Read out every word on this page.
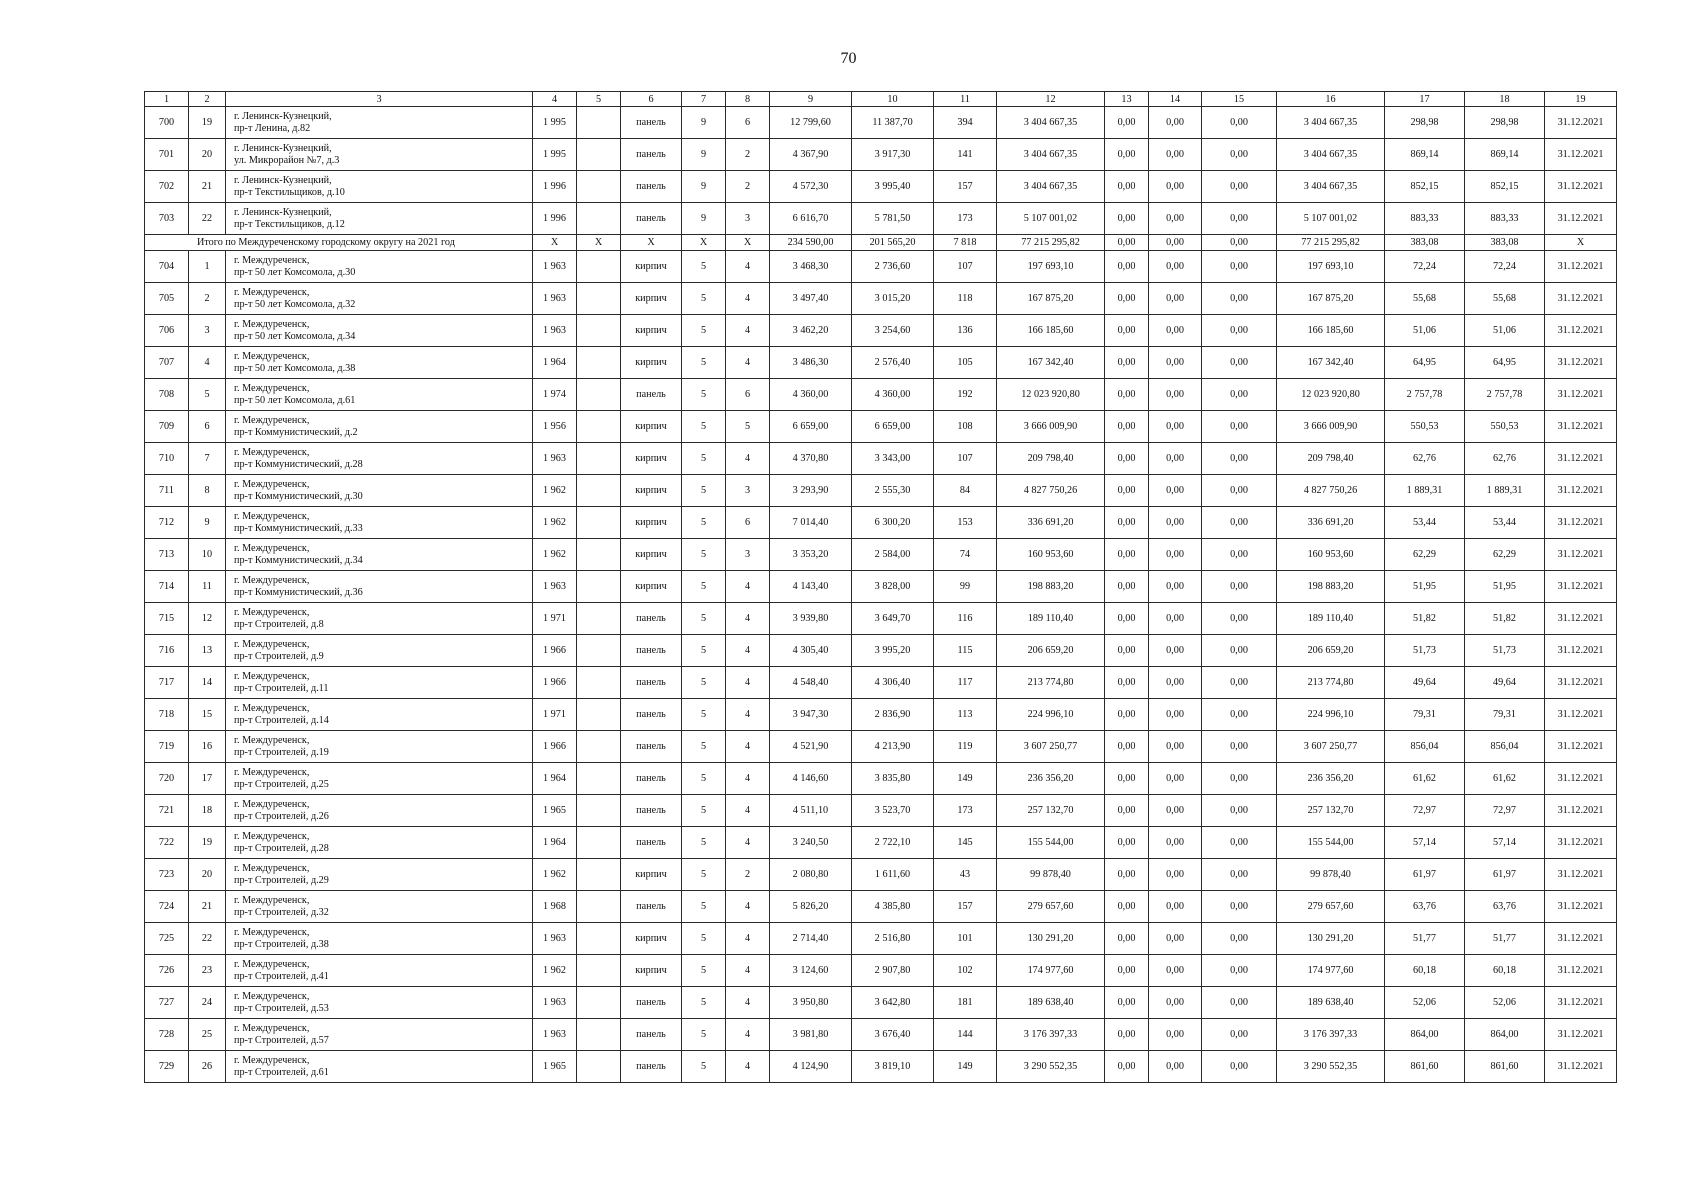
70
1	2	3	4	5	6	7	8	9	10	11	12	13	14	15	16	17	18	19
700	19	г. Ленинск-Кузнецкий,
пр-т Ленина, д.82	1 995		панель	9	6	12 799,60	11 387,70	394	3 404 667,35	0,00	0,00	0,00	3 404 667,35	298,98	298,98	31.12.2021
701	20	г. Ленинск-Кузнецкий,
ул. Микрорайон №7, д.3	1 995		панель	9	2	4 367,90	3 917,30	141	3 404 667,35	0,00	0,00	0,00	3 404 667,35	869,14	869,14	31.12.2021
702	21	г. Ленинск-Кузнецкий,
пр-т Текстильщиков, д.10	1 996		панель	9	2	4 572,30	3 995,40	157	3 404 667,35	0,00	0,00	0,00	3 404 667,35	852,15	852,15	31.12.2021
703	22	г. Ленинск-Кузнецкий,
пр-т Текстильщиков, д.12	1 996		панель	9	3	6 616,70	5 781,50	173	5 107 001,02	0,00	0,00	0,00	5 107 001,02	883,33	883,33	31.12.2021
Итого по Междуреченскому городскому округу на 2021 год			X	X	X	X	X	234 590,00	201 565,20	7 818	77 215 295,82	0,00	0,00	0,00	77 215 295,82	383,08	383,08	X
704	1	г. Междуреченск,
пр-т 50 лет Комсомола, д.30	1 963		кирпич	5	4	3 468,30	2 736,60	107	197 693,10	0,00	0,00	0,00	197 693,10	72,24	72,24	31.12.2021
705	2	г. Междуреченск,
пр-т 50 лет Комсомола, д.32	1 963		кирпич	5	4	3 497,40	3 015,20	118	167 875,20	0,00	0,00	0,00	167 875,20	55,68	55,68	31.12.2021
706	3	г. Междуреченск,
пр-т 50 лет Комсомола, д.34	1 963		кирпич	5	4	3 462,20	3 254,60	136	166 185,60	0,00	0,00	0,00	166 185,60	51,06	51,06	31.12.2021
707	4	г. Междуреченск,
пр-т 50 лет Комсомола, д.38	1 964		кирпич	5	4	3 486,30	2 576,40	105	167 342,40	0,00	0,00	0,00	167 342,40	64,95	64,95	31.12.2021
708	5	г. Междуреченск,
пр-т 50 лет Комсомола, д.61	1 974		панель	5	6	4 360,00	4 360,00	192	12 023 920,80	0,00	0,00	0,00	12 023 920,80	2 757,78	2 757,78	31.12.2021
709	6	г. Междуреченск,
пр-т Коммунистический, д.2	1 956		кирпич	5	5	6 659,00	6 659,00	108	3 666 009,90	0,00	0,00	0,00	3 666 009,90	550,53	550,53	31.12.2021
710	7	г. Междуреченск,
пр-т Коммунистический, д.28	1 963		кирпич	5	4	4 370,80	3 343,00	107	209 798,40	0,00	0,00	0,00	209 798,40	62,76	62,76	31.12.2021
711	8	г. Междуреченск,
пр-т Коммунистический, д.30	1 962		кирпич	5	3	3 293,90	2 555,30	84	4 827 750,26	0,00	0,00	0,00	4 827 750,26	1 889,31	1 889,31	31.12.2021
712	9	г. Междуреченск,
пр-т Коммунистический, д.33	1 962		кирпич	5	6	7 014,40	6 300,20	153	336 691,20	0,00	0,00	0,00	336 691,20	53,44	53,44	31.12.2021
713	10	г. Междуреченск,
пр-т Коммунистический, д.34	1 962		кирпич	5	3	3 353,20	2 584,00	74	160 953,60	0,00	0,00	0,00	160 953,60	62,29	62,29	31.12.2021
714	11	г. Междуреченск,
пр-т Коммунистический, д.36	1 963		кирпич	5	4	4 143,40	3 828,00	99	198 883,20	0,00	0,00	0,00	198 883,20	51,95	51,95	31.12.2021
715	12	г. Междуреченск,
пр-т Строителей, д.8	1 971		панель	5	4	3 939,80	3 649,70	116	189 110,40	0,00	0,00	0,00	189 110,40	51,82	51,82	31.12.2021
716	13	г. Междуреченск,
пр-т Строителей, д.9	1 966		панель	5	4	4 305,40	3 995,20	115	206 659,20	0,00	0,00	0,00	206 659,20	51,73	51,73	31.12.2021
717	14	г. Междуреченск,
пр-т Строителей, д.11	1 966		панель	5	4	4 548,40	4 306,40	117	213 774,80	0,00	0,00	0,00	213 774,80	49,64	49,64	31.12.2021
718	15	г. Междуреченск,
пр-т Строителей, д.14	1 971		панель	5	4	3 947,30	2 836,90	113	224 996,10	0,00	0,00	0,00	224 996,10	79,31	79,31	31.12.2021
719	16	г. Междуреченск,
пр-т Строителей, д.19	1 966		панель	5	4	4 521,90	4 213,90	119	3 607 250,77	0,00	0,00	0,00	3 607 250,77	856,04	856,04	31.12.2021
720	17	г. Междуреченск,
пр-т Строителей, д.25	1 964		панель	5	4	4 146,60	3 835,80	149	236 356,20	0,00	0,00	0,00	236 356,20	61,62	61,62	31.12.2021
721	18	г. Междуреченск,
пр-т Строителей, д.26	1 965		панель	5	4	4 511,10	3 523,70	173	257 132,70	0,00	0,00	0,00	257 132,70	72,97	72,97	31.12.2021
722	19	г. Междуреченск,
пр-т Строителей, д.28	1 964		панель	5	4	3 240,50	2 722,10	145	155 544,00	0,00	0,00	0,00	155 544,00	57,14	57,14	31.12.2021
723	20	г. Междуреченск,
пр-т Строителей, д.29	1 962		кирпич	5	2	2 080,80	1 611,60	43	99 878,40	0,00	0,00	0,00	99 878,40	61,97	61,97	31.12.2021
724	21	г. Междуреченск,
пр-т Строителей, д.32	1 968		панель	5	4	5 826,20	4 385,80	157	279 657,60	0,00	0,00	0,00	279 657,60	63,76	63,76	31.12.2021
725	22	г. Междуреченск,
пр-т Строителей, д.38	1 963		кирпич	5	4	2 714,40	2 516,80	101	130 291,20	0,00	0,00	0,00	130 291,20	51,77	51,77	31.12.2021
726	23	г. Междуреченск,
пр-т Строителей, д.41	1 962		кирпич	5	4	3 124,60	2 907,80	102	174 977,60	0,00	0,00	0,00	174 977,60	60,18	60,18	31.12.2021
727	24	г. Междуреченск,
пр-т Строителей, д.53	1 963		панель	5	4	3 950,80	3 642,80	181	189 638,40	0,00	0,00	0,00	189 638,40	52,06	52,06	31.12.2021
728	25	г. Междуреченск,
пр-т Строителей, д.57	1 963		панель	5	4	3 981,80	3 676,40	144	3 176 397,33	0,00	0,00	0,00	3 176 397,33	864,00	864,00	31.12.2021
729	26	г. Междуреченск,
пр-т Строителей, д.61	1 965		панель	5	4	4 124,90	3 819,10	149	3 290 552,35	0,00	0,00	0,00	3 290 552,35	861,60	861,60	31.12.2021
